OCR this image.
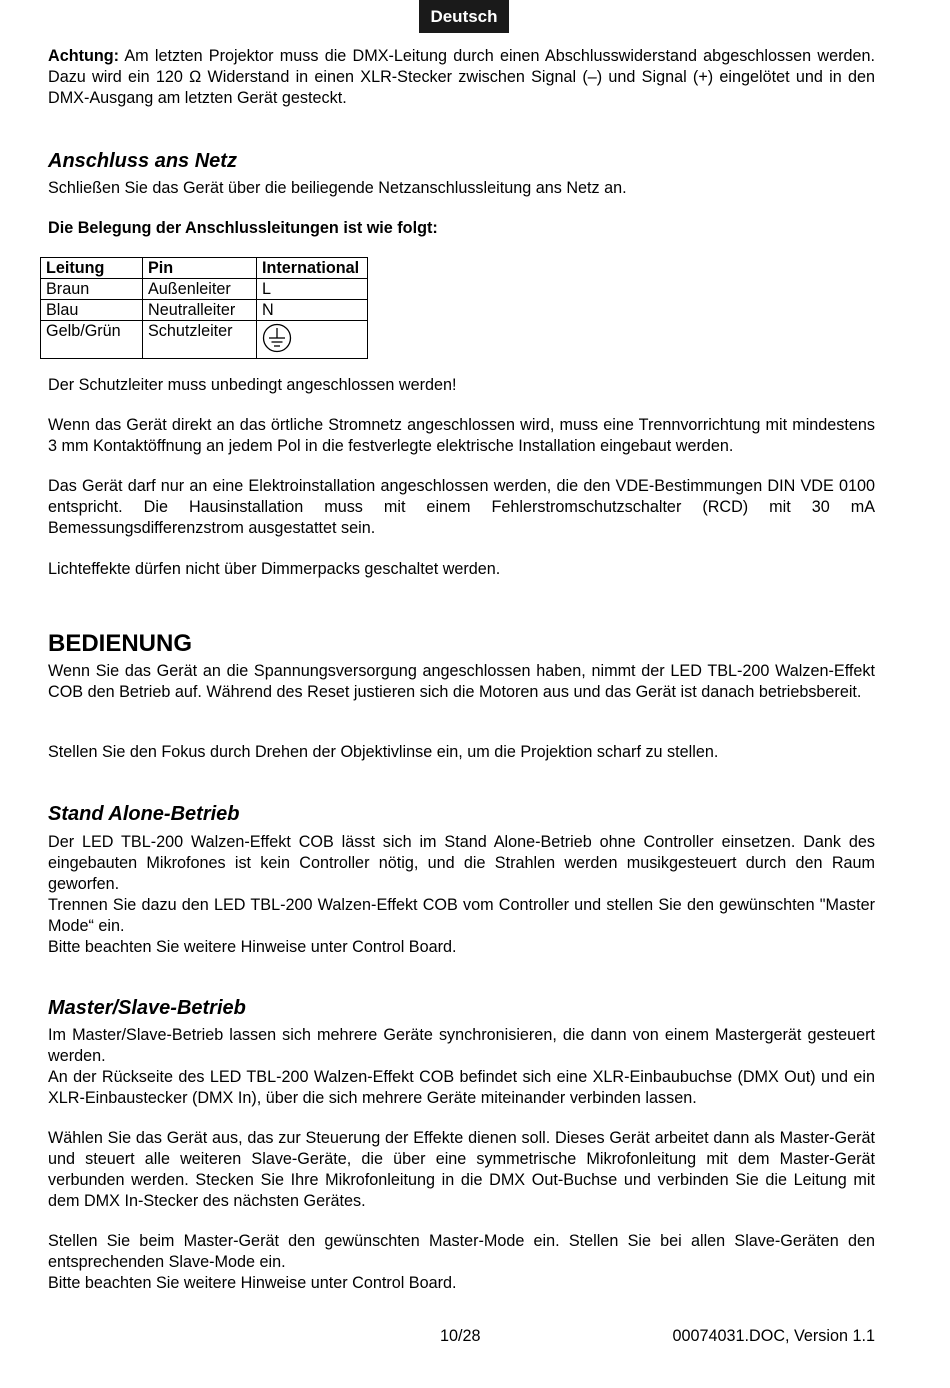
Deutsch

Achtung: Am letzten Projektor muss die DMX-Leitung durch einen Abschlusswiderstand abgeschlossen werden. Dazu wird ein 120 Ω Widerstand in einen XLR-Stecker zwischen Signal (–) und Signal (+) eingelötet und in den DMX-Ausgang am letzten Gerät gesteckt.

Anschluss ans Netz

Schließen Sie das Gerät über die beiliegende Netzanschlussleitung ans Netz an.

Die Belegung der Anschlussleitungen ist wie folgt:

Leitung	Pin	International
Braun	Außenleiter	L
Blau	Neutralleiter	N
Gelb/Grün	Schutzleiter	

Der Schutzleiter muss unbedingt angeschlossen werden!

Wenn das Gerät direkt an das örtliche Stromnetz angeschlossen wird, muss eine Trennvorrichtung mit mindestens 3 mm Kontaktöffnung an jedem Pol in die festverlegte elektrische Installation eingebaut werden.

Das Gerät darf nur an eine Elektroinstallation angeschlossen werden, die den VDE-Bestimmungen DIN VDE 0100 entspricht. Die Hausinstallation muss mit einem Fehlerstromschutzschalter (RCD) mit 30 mA Bemessungsdifferenzstrom ausgestattet sein.

Lichteffekte dürfen nicht über Dimmerpacks geschaltet werden.

BEDIENUNG

Wenn Sie das Gerät an die Spannungsversorgung angeschlossen haben, nimmt der LED TBL-200 Walzen-Effekt COB den Betrieb auf. Während des Reset justieren sich die Motoren aus und das Gerät ist danach betriebsbereit.

Stellen Sie den Fokus durch Drehen der Objektivlinse ein, um die Projektion scharf zu stellen.

Stand Alone-Betrieb

Der LED TBL-200 Walzen-Effekt COB lässt sich im Stand Alone-Betrieb ohne Controller einsetzen. Dank des eingebauten Mikrofones ist kein Controller nötig, und die Strahlen werden musikgesteuert durch den Raum geworfen.

Trennen Sie dazu den LED TBL-200 Walzen-Effekt COB vom Controller und stellen Sie den gewünschten "Master Mode“ ein.

Bitte beachten Sie weitere Hinweise unter Control Board.

Master/Slave-Betrieb

Im Master/Slave-Betrieb lassen sich mehrere Geräte synchronisieren, die dann von einem Mastergerät gesteuert werden.

An der Rückseite des LED TBL-200 Walzen-Effekt COB befindet sich eine XLR-Einbaubuchse (DMX Out) und ein XLR-Einbaustecker (DMX In), über die sich mehrere Geräte miteinander verbinden lassen.

Wählen Sie das Gerät aus, das zur Steuerung der Effekte dienen soll. Dieses Gerät arbeitet dann als Master-Gerät und steuert alle weiteren Slave-Geräte, die über eine symmetrische Mikrofonleitung mit dem Master-Gerät verbunden werden. Stecken Sie Ihre Mikrofonleitung in die DMX Out-Buchse und verbinden Sie die Leitung mit dem DMX In-Stecker des nächsten Gerätes.

Stellen Sie beim Master-Gerät den gewünschten Master-Mode ein. Stellen Sie bei allen Slave-Geräten den entsprechenden Slave-Mode ein.

Bitte beachten Sie weitere Hinweise unter Control Board.

10/28	00074031.DOC, Version 1.1
